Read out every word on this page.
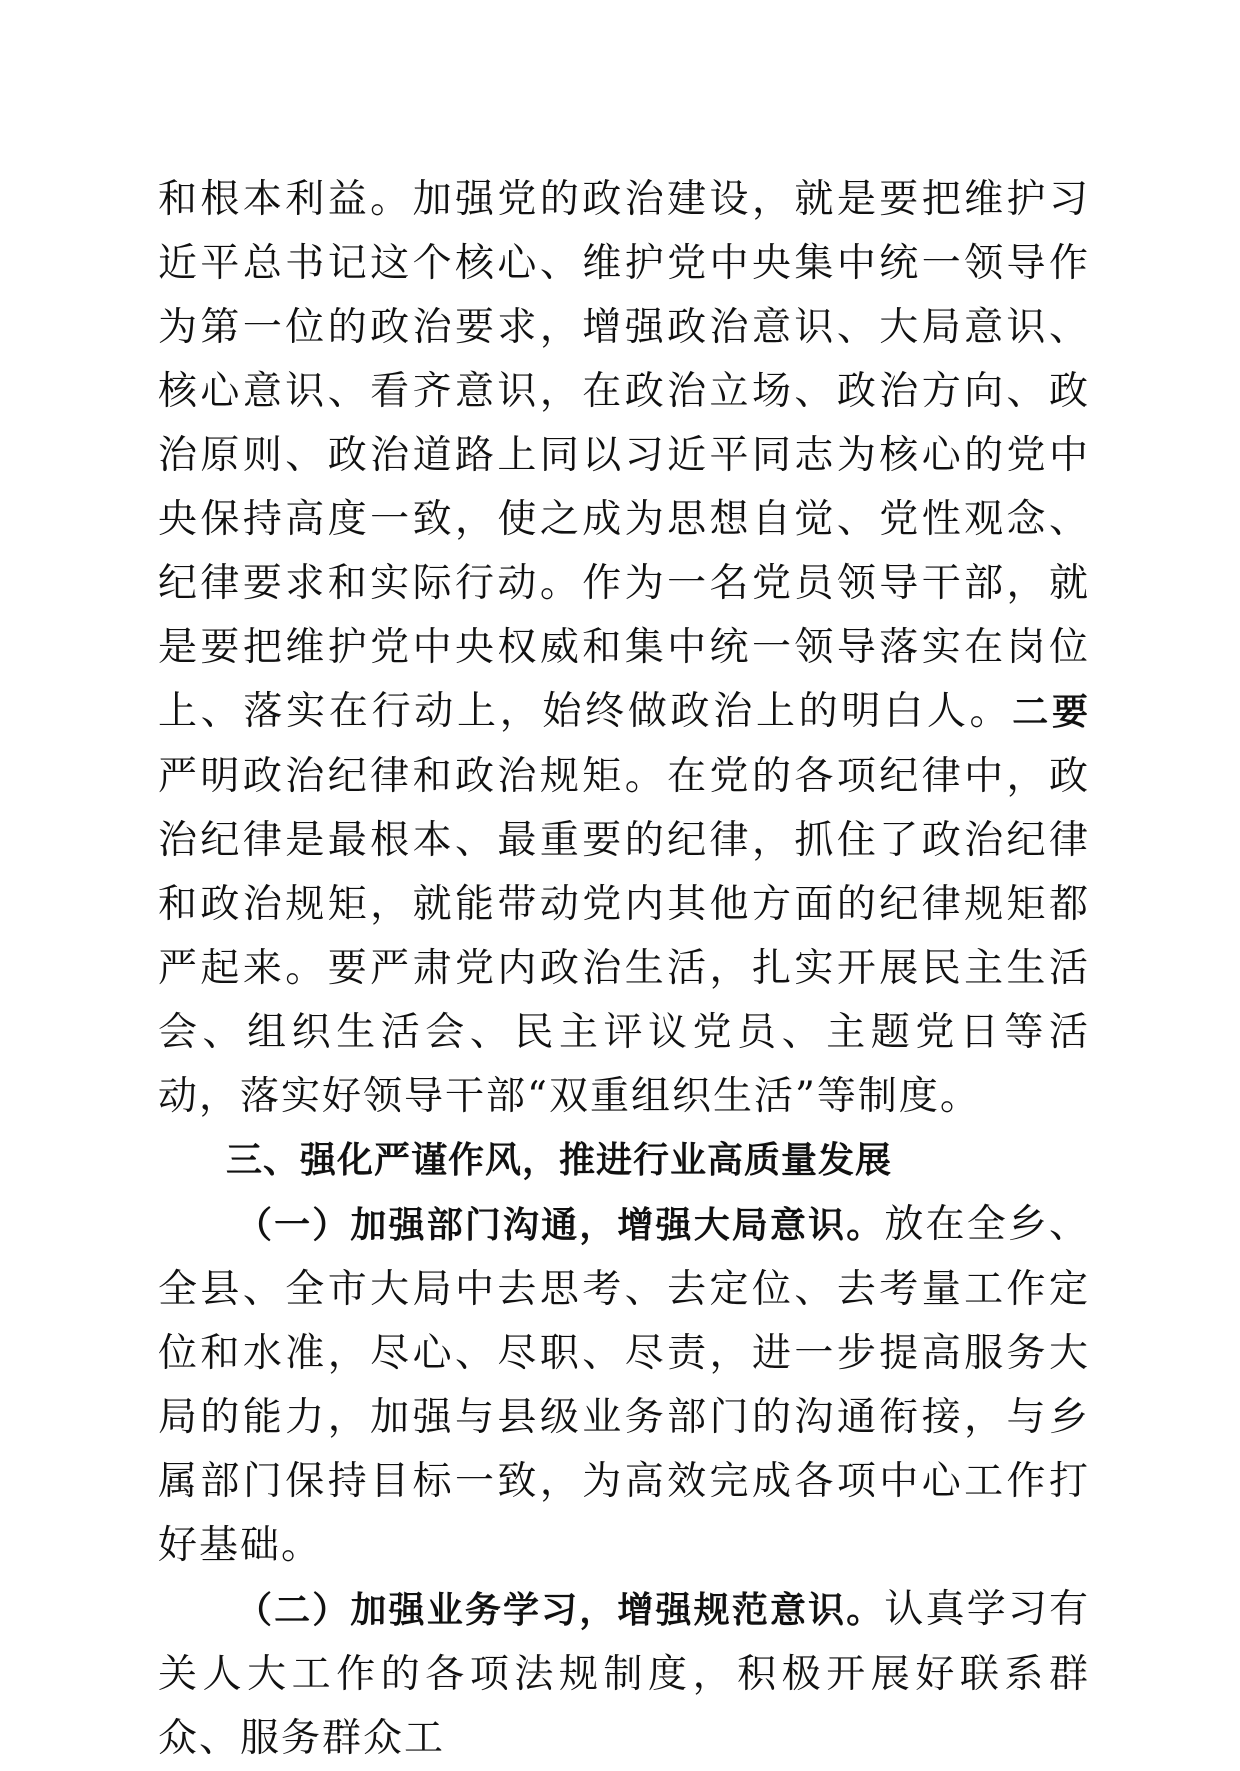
和根本利益。加强党的政治建设，就是要把维护习近平总书记这个核心、维护党中央集中统一领导作为第一位的政治要求，增强政治意识、大局意识、核心意识、看齐意识，在政治立场、政治方向、政治原则、政治道路上同以习近平同志为核心的党中央保持高度一致，使之成为思想自觉、党性观念、纪律要求和实际行动。作为一名党员领导干部，就是要把维护党中央权威和集中统一领导落实在岗位上、落实在行动上，始终做政治上的明白人。二要严明政治纪律和政治规矩。在党的各项纪律中，政治纪律是最根本、最重要的纪律，抓住了政治纪律和政治规矩，就能带动党内其他方面的纪律规矩都严起来。要严肃党内政治生活，扎实开展民主生活会、组织生活会、民主评议党员、主题党日等活动，落实好领导干部“双重组织生活”等制度。

三、强化严谨作风，推进行业高质量发展

（一）加强部门沟通，增强大局意识。放在全乡、全县、全市大局中去思考、去定位、去考量工作定位和水准，尽心、尽职、尽责，进一步提高服务大局的能力，加强与县级业务部门的沟通衔接，与乡属部门保持目标一致，为高效完成各项中心工作打好基础。

（二）加强业务学习，增强规范意识。认真学习有关人大工作的各项法规制度，积极开展好联系群众、服务群众工
